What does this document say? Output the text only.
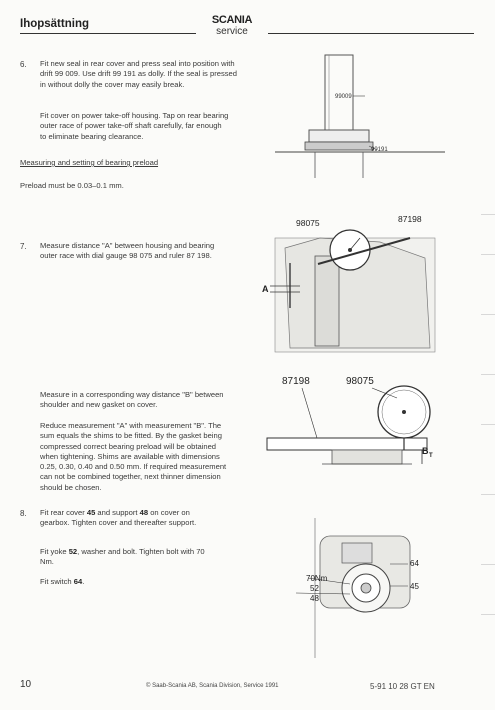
Ihopsättning	SCANIA
service
6. Fit new seal in rear cover and press seal into position with drift 99 009. Use drift 99 191 as dolly. If the seal is pressed in without dolly the cover may easily break.
Fit cover on power take-off housing. Tap on rear bearing outer race of power take-off shaft carefully, far enough to eliminate bearing clearance.
99009
99191
Measuring and setting of bearing preload
Preload must be 0.03–0.1 mm.
98075	87198
A
7. Measure distance "A" between housing and bearing outer race with dial gauge 98 075 and ruler 87 198.
87198	98075
B T
Measure in a corresponding way distance "B" between shoulder and new gasket on cover.
Reduce measurement "A" with measurement "B". The sum equals the shims to be fitted. By the gasket being compressed correct bearing preload will be obtained when tightening. Shims are available with dimensions 0.25, 0.30, 0.40 and 0.50 mm. If required measurement can not be combined together, next thinner dimension should be chosen.
8. Fit rear cover 45 and support 48 on cover on gearbox. Tighten cover and thereafter support.
Fit yoke 52, washer and bolt. Tighten bolt with 70 Nm.
Fit switch 64.	70Nm
52
48
64
45
10	© Saab-Scania AB, Scania Division, Service 1991	5-91 10 28 GT EN
